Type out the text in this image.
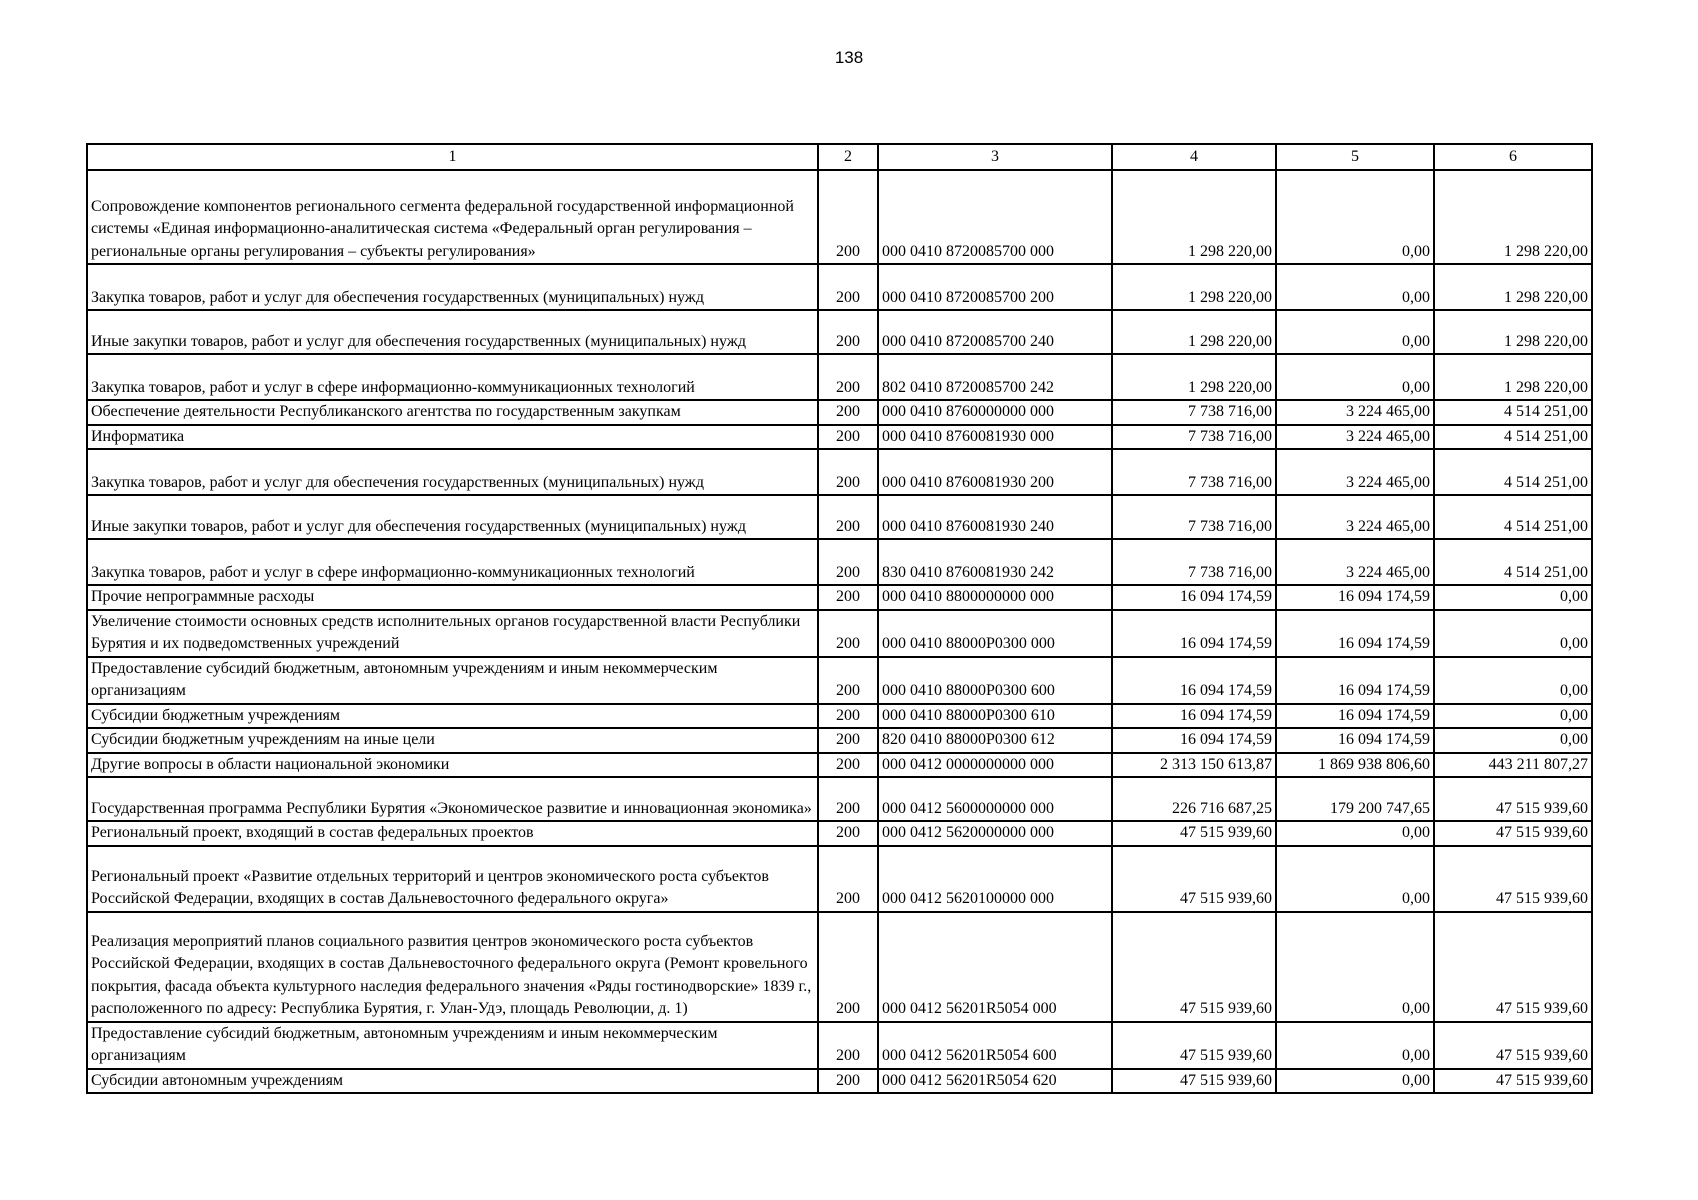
138
1	2	3	4	5	6
Сопровождение компонентов регионального сегмента федеральной государственной информационной системы «Единая информационно-аналитическая система «Федеральный орган регулирования – региональные органы регулирования – субъекты регулирования»	200	000 0410 8720085700 000	1 298 220,00	0,00	1 298 220,00
Закупка товаров, работ и услуг для обеспечения государственных (муниципальных) нужд	200	000 0410 8720085700 200	1 298 220,00	0,00	1 298 220,00
Иные закупки товаров, работ и услуг для обеспечения государственных (муниципальных) нужд	200	000 0410 8720085700 240	1 298 220,00	0,00	1 298 220,00
Закупка товаров, работ и услуг в сфере информационно-коммуникационных технологий	200	802 0410 8720085700 242	1 298 220,00	0,00	1 298 220,00
Обеспечение деятельности Республиканского агентства по государственным закупкам	200	000 0410 8760000000 000	7 738 716,00	3 224 465,00	4 514 251,00
Информатика	200	000 0410 8760081930 000	7 738 716,00	3 224 465,00	4 514 251,00
Закупка товаров, работ и услуг для обеспечения государственных (муниципальных) нужд	200	000 0410 8760081930 200	7 738 716,00	3 224 465,00	4 514 251,00
Иные закупки товаров, работ и услуг для обеспечения государственных (муниципальных) нужд	200	000 0410 8760081930 240	7 738 716,00	3 224 465,00	4 514 251,00
Закупка товаров, работ и услуг в сфере информационно-коммуникационных технологий	200	830 0410 8760081930 242	7 738 716,00	3 224 465,00	4 514 251,00
Прочие непрограммные расходы	200	000 0410 8800000000 000	16 094 174,59	16 094 174,59	0,00
Увеличение стоимости основных средств исполнительных органов государственной власти Республики Бурятия и их подведомственных учреждений	200	000 0410 88000Р0300 000	16 094 174,59	16 094 174,59	0,00
Предоставление субсидий бюджетным, автономным учреждениям и иным некоммерческим организациям	200	000 0410 88000Р0300 600	16 094 174,59	16 094 174,59	0,00
Субсидии бюджетным учреждениям	200	000 0410 88000Р0300 610	16 094 174,59	16 094 174,59	0,00
Субсидии бюджетным учреждениям на иные цели	200	820 0410 88000Р0300 612	16 094 174,59	16 094 174,59	0,00
Другие вопросы в области национальной экономики	200	000 0412 0000000000 000	2 313 150 613,87	1 869 938 806,60	443 211 807,27
Государственная программа Республики Бурятия «Экономическое развитие и инновационная экономика»	200	000 0412 5600000000 000	226 716 687,25	179 200 747,65	47 515 939,60
Региональный проект, входящий в состав федеральных проектов	200	000 0412 5620000000 000	47 515 939,60	0,00	47 515 939,60
Региональный проект «Развитие отдельных территорий и центров экономического роста субъектов Российской Федерации, входящих в состав Дальневосточного федерального округа»	200	000 0412 5620100000 000	47 515 939,60	0,00	47 515 939,60
Реализация мероприятий планов социального развития центров экономического роста субъектов Российской Федерации, входящих в состав Дальневосточного федерального округа (Ремонт кровельного покрытия, фасада объекта культурного наследия федерального значения «Ряды гостинодворские» 1839 г., расположенного по адресу: Республика Бурятия, г. Улан-Удэ, площадь Революции, д. 1)	200	000 0412 56201R5054 000	47 515 939,60	0,00	47 515 939,60
Предоставление субсидий бюджетным, автономным учреждениям и иным некоммерческим организациям	200	000 0412 56201R5054 600	47 515 939,60	0,00	47 515 939,60
Субсидии автономным учреждениям	200	000 0412 56201R5054 620	47 515 939,60	0,00	47 515 939,60
